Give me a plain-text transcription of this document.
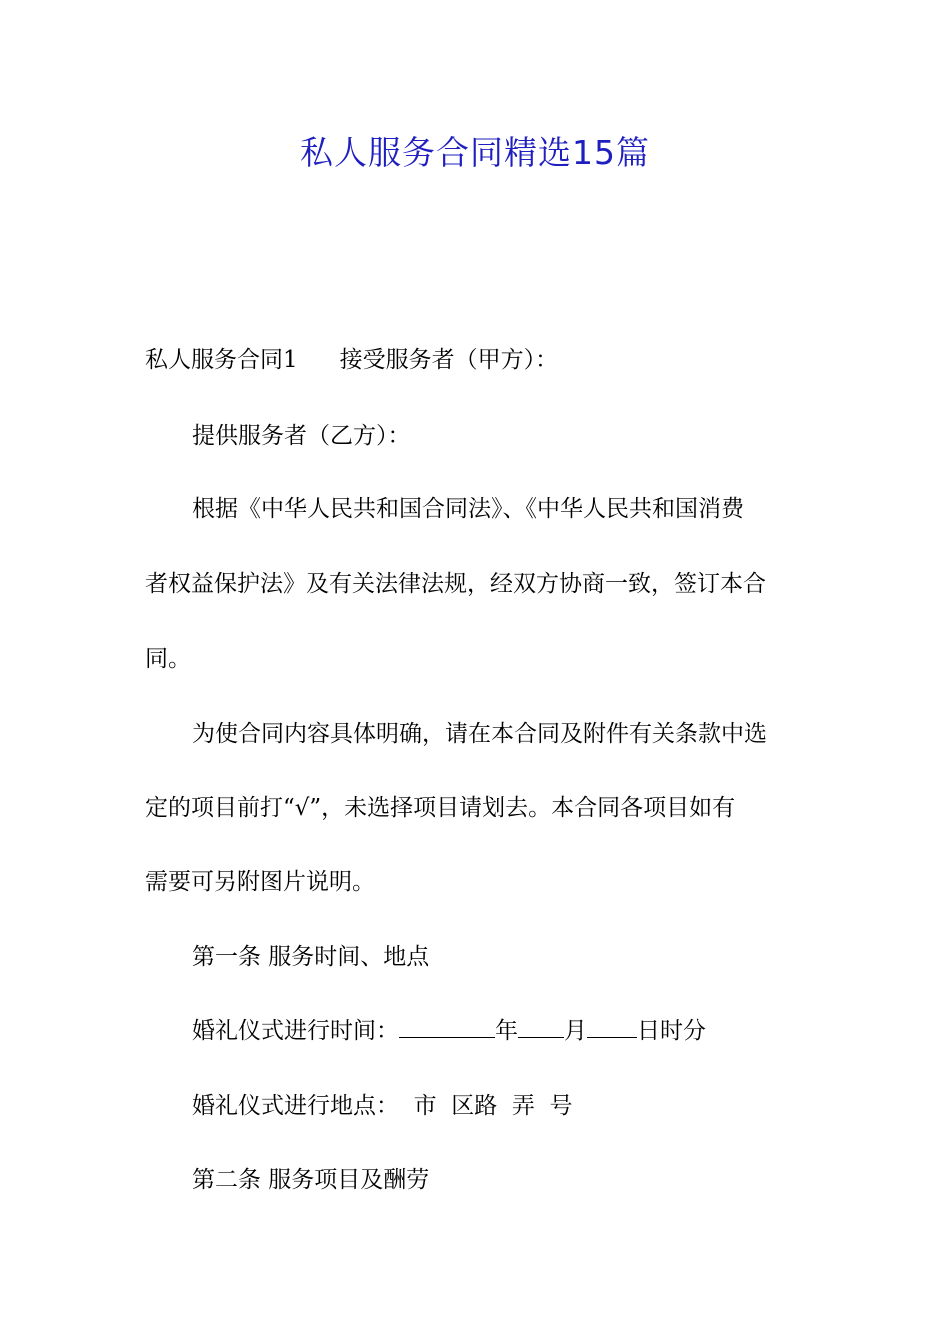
私人服务合同精选15篇

私人服务合同1 接受服务者（甲方）：

提供服务者（乙方）：

根据《中华人民共和国合同法》、《中华人民共和国消费

者权益保护法》及有关法律法规，经双方协商一致，签订本合

同。

为使合同内容具体明确，请在本合同及附件有关条款中选

定的项目前打“√”，未选择项目请划去。本合同各项目如有

需要可另附图片说明。

第一条 服务时间、地点

婚礼仪式进行时间：	年 月 日时分

婚礼仪式进行地点：  市  区路  弄  号

第二条 服务项目及酬劳
